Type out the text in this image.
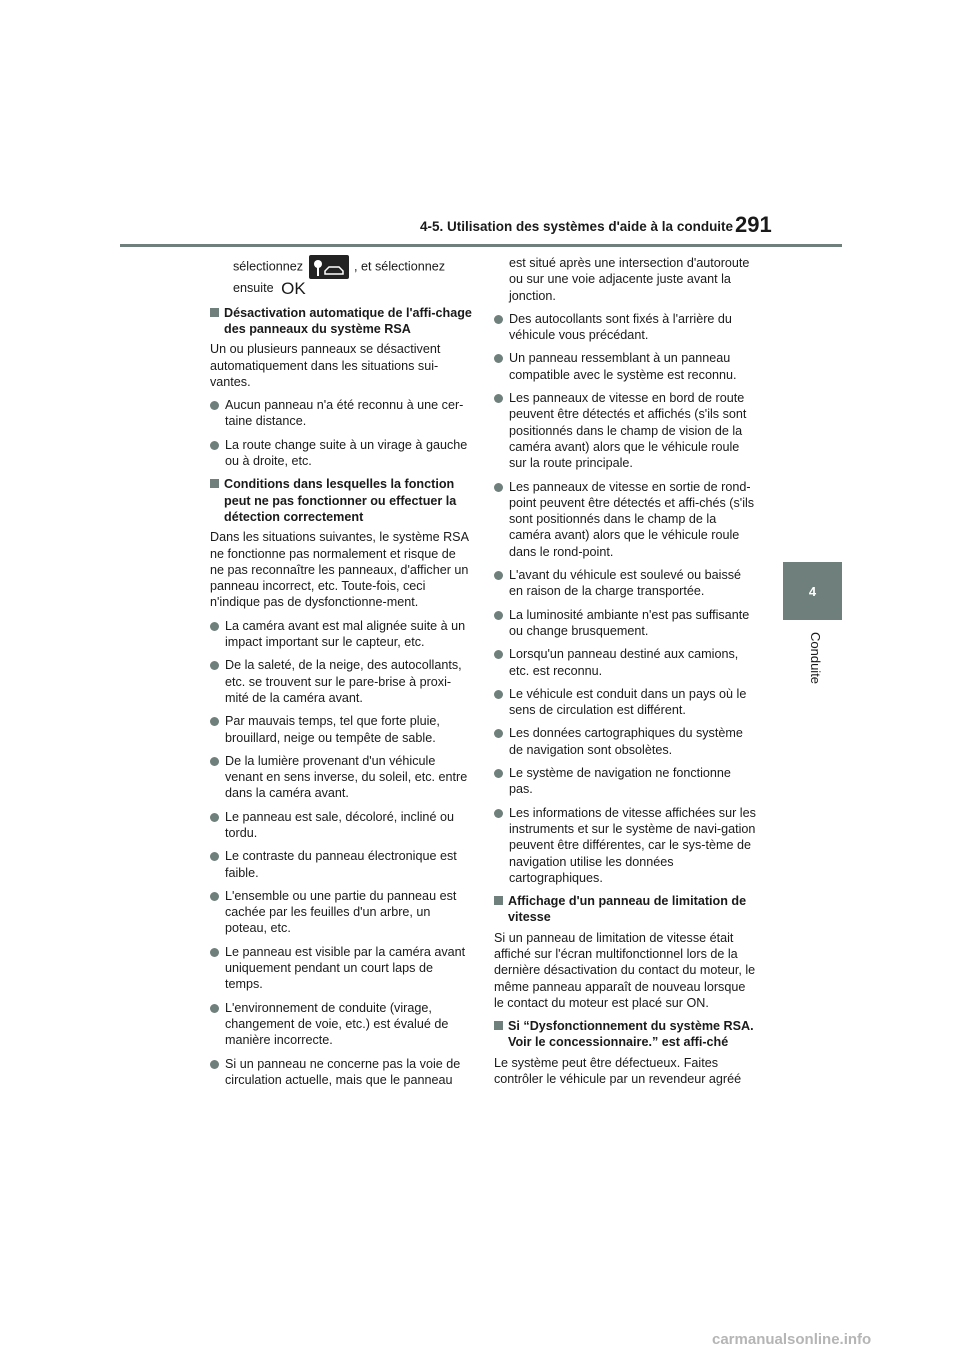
4-5. Utilisation des systèmes d'aide à la conduite 291
4
Conduite

sélectionnez	, et sélectionnez
ensuite OK

Désactivation automatique de l'affi-chage des panneaux du système RSA

Un ou plusieurs panneaux se désactivent automatiquement dans les situations sui-vantes.

Aucun panneau n'a été reconnu à une cer-taine distance.
La route change suite à un virage à gauche ou à droite, etc.
Conditions dans lesquelles la fonction peut ne pas fonctionner ou effectuer la détection correctement

Dans les situations suivantes, le système RSA ne fonctionne pas normalement et risque de ne pas reconnaître les panneaux, d'afficher un panneau incorrect, etc. Toute-fois, ceci n'indique pas de dysfonctionne-ment.

La caméra avant est mal alignée suite à un impact important sur le capteur, etc.
De la saleté, de la neige, des autocollants, etc. se trouvent sur le pare-brise à proxi-mité de la caméra avant.
Par mauvais temps, tel que forte pluie, brouillard, neige ou tempête de sable.
De la lumière provenant d'un véhicule venant en sens inverse, du soleil, etc. entre dans la caméra avant.
Le panneau est sale, décoloré, incliné ou tordu.
Le contraste du panneau électronique est faible.
L'ensemble ou une partie du panneau est cachée par les feuilles d'un arbre, un poteau, etc.
Le panneau est visible par la caméra avant uniquement pendant un court laps de temps.
L'environnement de conduite (virage, changement de voie, etc.) est évalué de manière incorrecte.
Si un panneau ne concerne pas la voie de circulation actuelle, mais que le panneau

est situé après une intersection d'autoroute ou sur une voie adjacente juste avant la jonction.

Des autocollants sont fixés à l'arrière du véhicule vous précédant.
Un panneau ressemblant à un panneau compatible avec le système est reconnu.
Les panneaux de vitesse en bord de route peuvent être détectés et affichés (s'ils sont positionnés dans le champ de vision de la caméra avant) alors que le véhicule roule sur la route principale.
Les panneaux de vitesse en sortie de rond-point peuvent être détectés et affi-chés (s'ils sont positionnés dans le champ de la caméra avant) alors que le véhicule roule dans le rond-point.
L'avant du véhicule est soulevé ou baissé en raison de la charge transportée.
La luminosité ambiante n'est pas suffisante ou change brusquement.
Lorsqu'un panneau destiné aux camions, etc. est reconnu.
Le véhicule est conduit dans un pays où le sens de circulation est différent.
Les données cartographiques du système de navigation sont obsolètes.
Le système de navigation ne fonctionne pas.
Les informations de vitesse affichées sur les instruments et sur le système de navi-gation peuvent être différentes, car le sys-tème de navigation utilise les données cartographiques.
Affichage d'un panneau de limitation de vitesse

Si un panneau de limitation de vitesse était affiché sur l'écran multifonctionnel lors de la dernière désactivation du contact du moteur, le même panneau apparaît de nouveau lorsque le contact du moteur est placé sur ON.

Si “Dysfonctionnement du système RSA. Voir le concessionnaire.” est affi-ché

Le système peut être défectueux. Faites contrôler le véhicule par un revendeur agréé

carmanualsonline.info
